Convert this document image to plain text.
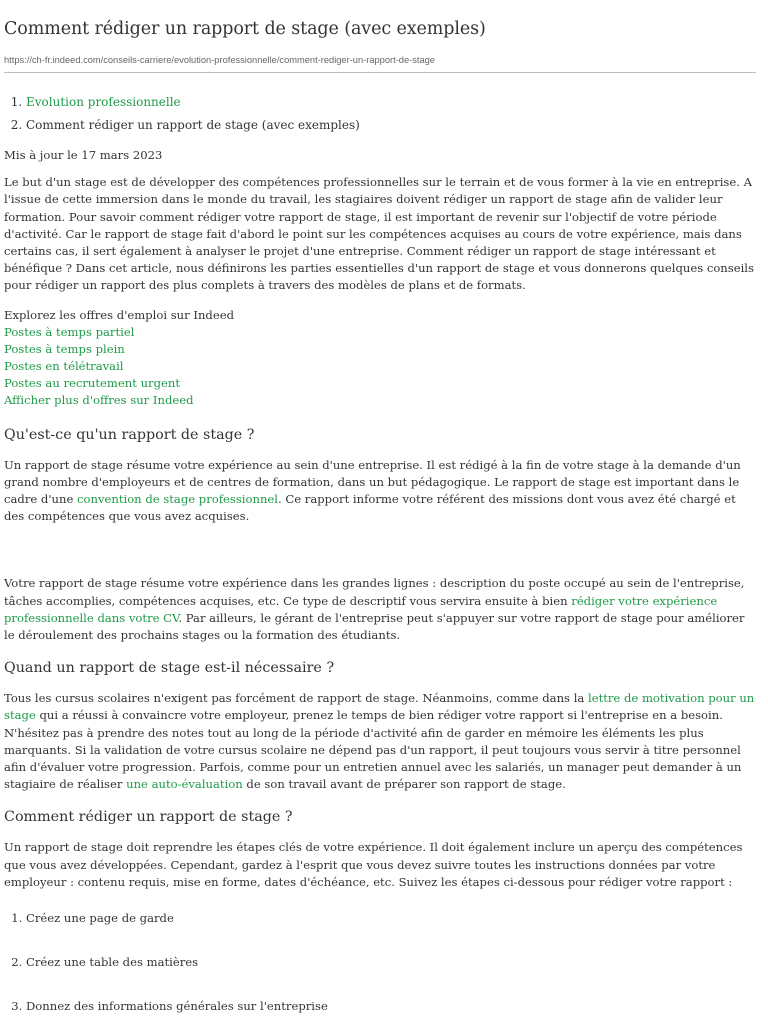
Comment rédiger un rapport de stage (avec exemples)
https://ch-fr.indeed.com/conseils-carriere/evolution-professionnelle/comment-rediger-un-rapport-de-stage
1. Evolution professionnelle
2. Comment rédiger un rapport de stage (avec exemples)

Mis à jour le 17 mars 2023

Le but d'un stage est de développer des compétences professionnelles sur le terrain et de vous former à la vie en entreprise. A l'issue de cette immersion dans le monde du travail, les stagiaires doivent rédiger un rapport de stage afin de valider leur formation. Pour savoir comment rédiger votre rapport de stage, il est important de revenir sur l'objectif de votre période d'activité. Car le rapport de stage fait d'abord le point sur les compétences acquises au cours de votre expérience, mais dans certains cas, il sert également à analyser le projet d'une entreprise. Comment rédiger un rapport de stage intéressant et bénéfique ? Dans cet article, nous définirons les parties essentielles d'un rapport de stage et vous donnerons quelques conseils pour rédiger un rapport des plus complets à travers des modèles de plans et de formats.

Explorez les offres d'emploi sur Indeed
Postes à temps partiel
Postes à temps plein
Postes en télétravail
Postes au recrutement urgent
Afficher plus d'offres sur Indeed
Qu'est-ce qu'un rapport de stage ?

Un rapport de stage résume votre expérience au sein d'une entreprise. Il est rédigé à la fin de votre stage à la demande d'un grand nombre d'employeurs et de centres de formation, dans un but pédagogique. Le rapport de stage est important dans le cadre d'une convention de stage professionnel. Ce rapport informe votre référent des missions dont vous avez été chargé et des compétences que vous avez acquises.

Votre rapport de stage résume votre expérience dans les grandes lignes : description du poste occupé au sein de l'entreprise, tâches accomplies, compétences acquises, etc. Ce type de descriptif vous servira ensuite à bien rédiger votre expérience professionnelle dans votre CV. Par ailleurs, le gérant de l'entreprise peut s'appuyer sur votre rapport de stage pour améliorer le déroulement des prochains stages ou la formation des étudiants.

Quand un rapport de stage est-il nécessaire ?

Tous les cursus scolaires n'exigent pas forcément de rapport de stage. Néanmoins, comme dans la lettre de motivation pour un stage qui a réussi à convaincre votre employeur, prenez le temps de bien rédiger votre rapport si l'entreprise en a besoin. N'hésitez pas à prendre des notes tout au long de la période d'activité afin de garder en mémoire les éléments les plus marquants. Si la validation de votre cursus scolaire ne dépend pas d'un rapport, il peut toujours vous servir à titre personnel afin d'évaluer votre progression. Parfois, comme pour un entretien annuel avec les salariés, un manager peut demander à un stagiaire de réaliser une auto-évaluation de son travail avant de préparer son rapport de stage.

Comment rédiger un rapport de stage ?

Un rapport de stage doit reprendre les étapes clés de votre expérience. Il doit également inclure un aperçu des compétences que vous avez développées. Cependant, gardez à l'esprit que vous devez suivre toutes les instructions données par votre employeur : contenu requis, mise en forme, dates d'échéance, etc. Suivez les étapes ci-dessous pour rédiger votre rapport :

1. Créez une page de garde
2. Créez une table des matières
3. Donnez des informations générales sur l'entreprise
